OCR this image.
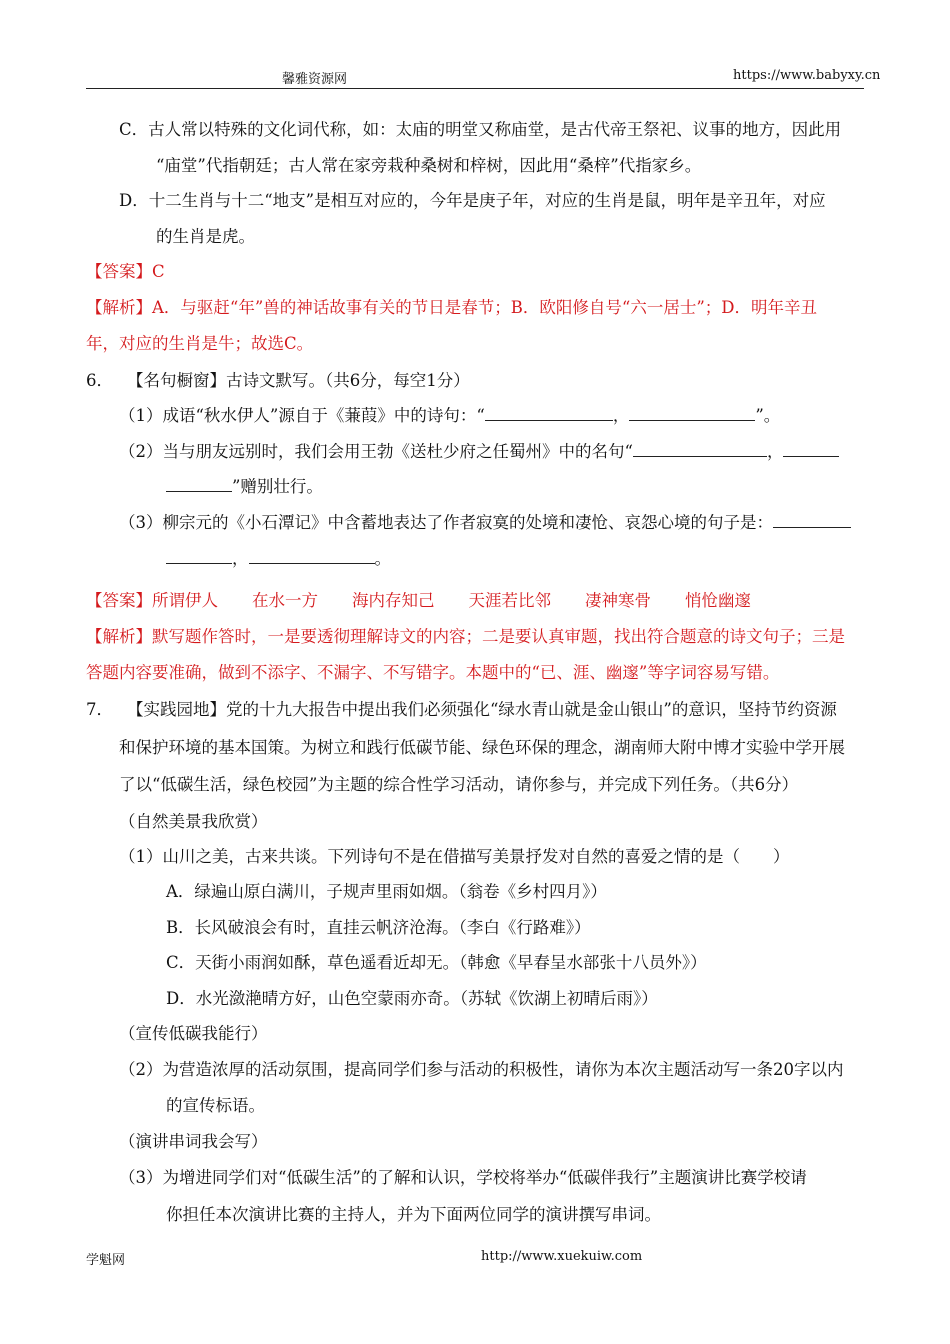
馨雅资源网	https://www.babyxy.cn
C．古人常以特殊的文化词代称，如：太庙的明堂又称庙堂，是古代帝王祭祀、议事的地方，因此用
“庙堂”代指朝廷；古人常在家旁栽种桑树和梓树，因此用“桑梓”代指家乡。
D．十二生肖与十二“地支”是相互对应的，今年是庚子年，对应的生肖是鼠，明年是辛丑年，对应
的生肖是虎。
【答案】C
【解析】A．与驱赶“年”兽的神话故事有关的节日是春节；B．欧阳修自号“六一居士”；D．明年辛丑
年，对应的生肖是牛；故选C。
6． 【名句橱窗】古诗文默写。（共6分，每空1分）
（1）成语“秋水伊人”源自于《蒹葭》中的诗句：“	，	”。
（2）当与朋友远别时，我们会用王勃《送杜少府之任蜀州》中的名句“	，
”赠别壮行。
（3）柳宗元的《小石潭记》中含蓄地表达了作者寂寞的处境和凄怆、哀怨心境的句子是：
，	。
【答案】所谓伊人 在水一方 海内存知己 天涯若比邻 凄神寒骨 悄怆幽邃
【解析】默写题作答时，一是要透彻理解诗文的内容；二是要认真审题，找出符合题意的诗文句子；三是
答题内容要准确，做到不添字、不漏字、不写错字。本题中的“已、涯、幽邃”等字词容易写错。
7． 【实践园地】党的十九大报告中提出我们必须强化“绿水青山就是金山银山”的意识，坚持节约资源
和保护环境的基本国策。为树立和践行低碳节能、绿色环保的理念，湖南师大附中博才实验中学开展
了以“低碳生活，绿色校园”为主题的综合性学习活动，请你参与，并完成下列任务。（共6分）
（自然美景我欣赏）
（1）山川之美，古来共谈。下列诗句不是在借描写美景抒发对自然的喜爱之情的是（　　）
A．绿遍山原白满川，子规声里雨如烟。（翁卷《乡村四月》）
B．长风破浪会有时，直挂云帆济沧海。（李白《行路难》）
C．天街小雨润如酥，草色遥看近却无。（韩愈《早春呈水部张十八员外》）
D．水光潋滟晴方好，山色空蒙雨亦奇。（苏轼《饮湖上初晴后雨》）
（宣传低碳我能行）
（2）为营造浓厚的活动氛围，提高同学们参与活动的积极性，请你为本次主题活动写一条20字以内
的宣传标语。
（演讲串词我会写）
（3）为增进同学们对“低碳生活”的了解和认识，学校将举办“低碳伴我行”主题演讲比赛学校请
你担任本次演讲比赛的主持人，并为下面两位同学的演讲撰写串词。
学魁网	http://www.xuekuiw.com
